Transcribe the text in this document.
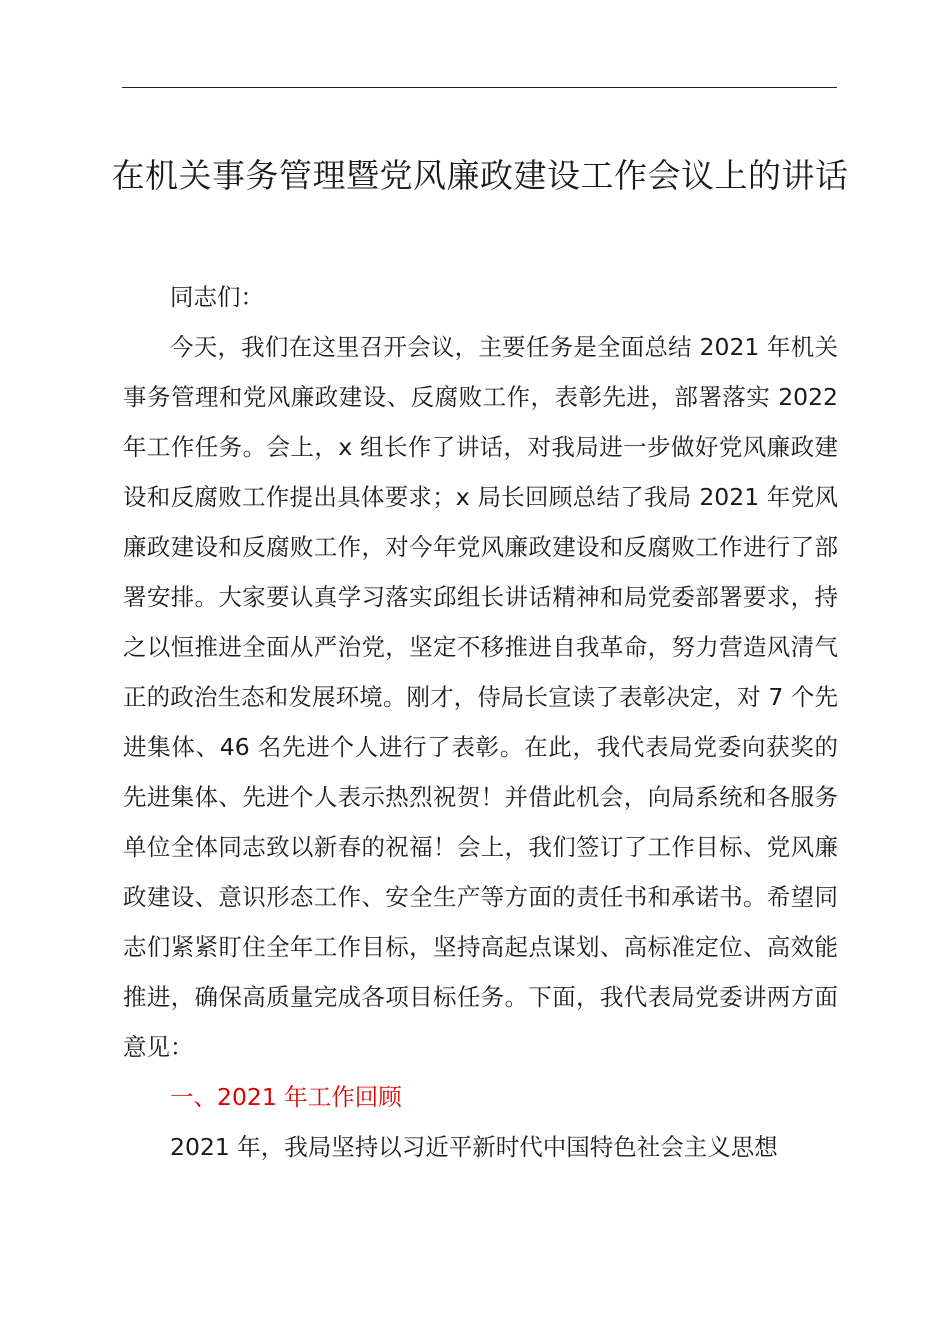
在机关事务管理暨党风廉政建设工作会议上的讲话

同志们：

今天，我们在这里召开会议，主要任务是全面总结 2021 年机关事务管理和党风廉政建设、反腐败工作，表彰先进，部署落实 2022 年工作任务。会上，x 组长作了讲话，对我局进一步做好党风廉政建设和反腐败工作提出具体要求；x 局长回顾总结了我局 2021 年党风廉政建设和反腐败工作，对今年党风廉政建设和反腐败工作进行了部署安排。大家要认真学习落实邱组长讲话精神和局党委部署要求，持之以恒推进全面从严治党，坚定不移推进自我革命，努力营造风清气正的政治生态和发展环境。刚才，侍局长宣读了表彰决定，对 7 个先进集体、46 名先进个人进行了表彰。在此，我代表局党委向获奖的先进集体、先进个人表示热烈祝贺！并借此机会，向局系统和各服务单位全体同志致以新春的祝福！会上，我们签订了工作目标、党风廉政建设、意识形态工作、安全生产等方面的责任书和承诺书。希望同志们紧紧盯住全年工作目标，坚持高起点谋划、高标准定位、高效能推进，确保高质量完成各项目标任务。下面，我代表局党委讲两方面意见：

一、2021 年工作回顾

2021 年，我局坚持以习近平新时代中国特色社会主义思想
